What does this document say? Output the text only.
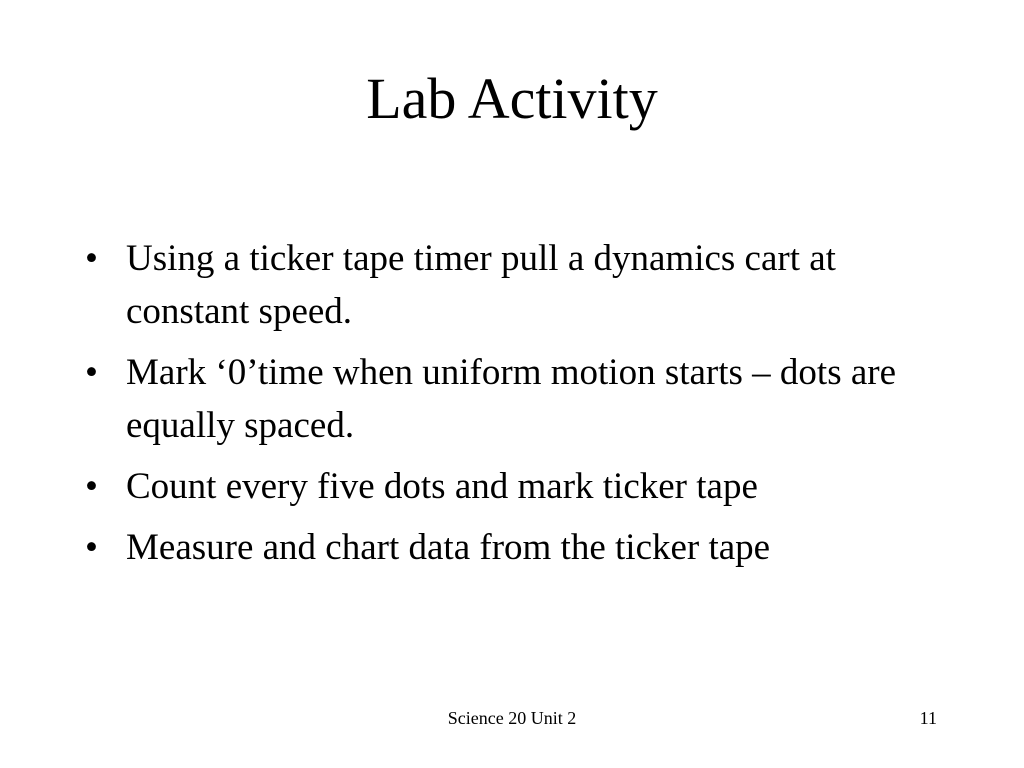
Lab Activity
• Using a ticker tape timer pull a dynamics cart at constant speed.
• Mark ‘0’time when uniform motion starts – dots are equally spaced.
• Count every five dots and mark ticker tape
• Measure and chart data from the ticker tape
Science 20 Unit 2	11
